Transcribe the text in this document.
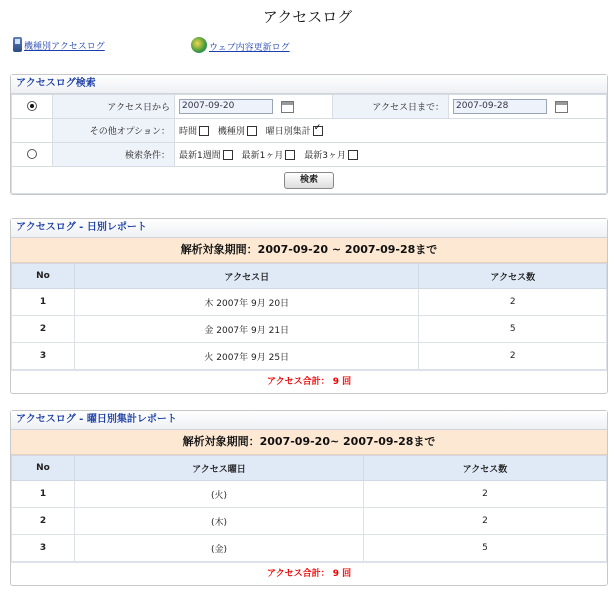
アクセスログ
機種別アクセスログ	ウェブ内容更新ログ
アクセスログ検索
	アクセス日から	2007-09-20	アクセス日まで：	2007-09-28
	その他オプション：	時間 機種別 曜日別集計✓
	検索条件：	最新1週間 最新1ヶ月 最新3ヶ月		
検索				
アクセスログ - 日別レポート
解析対象期間：2007-09-20 ~ 2007-09-28まで
No	アクセス日	アクセス数
1	木 2007年 9月 20日	2
2	金 2007年 9月 21日	5
3	火 2007年 9月 25日	2
アクセス合計： 9 回
アクセスログ - 曜日別集計レポート
解析対象期間：2007-09-20~ 2007-09-28まで
No	アクセス曜日	アクセス数
1	(火)	2
2	(木)	2
3	(金)	5
アクセス合計： 9 回
